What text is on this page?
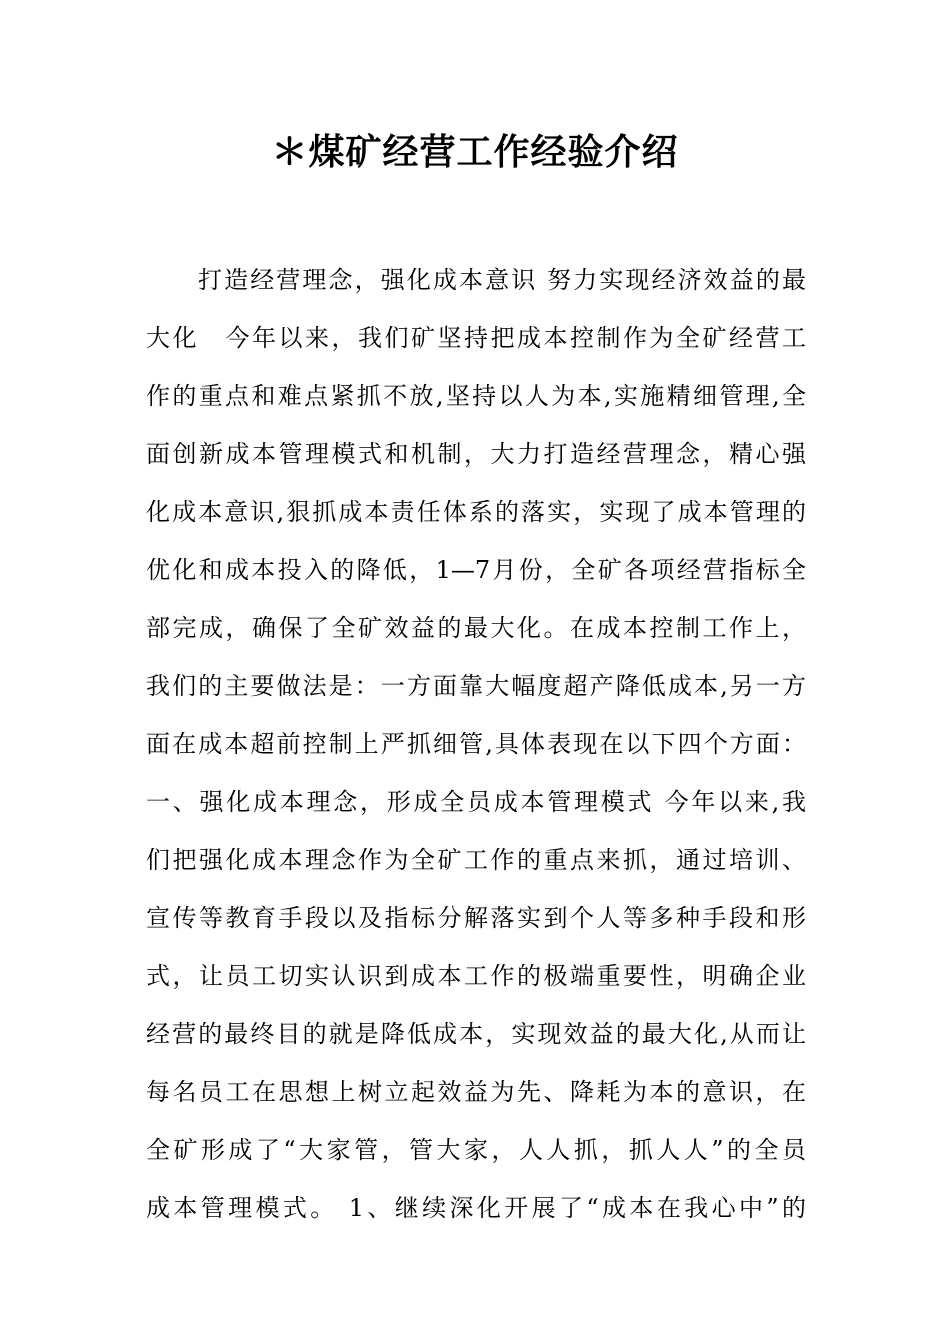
＊煤矿经营工作经验介绍
打造经营理念，强化成本意识 努力实现经济效益的最
大化　今年以来，我们矿坚持把成本控制作为全矿经营工
作的重点和难点紧抓不放,坚持以人为本,实施精细管理,全
面创新成本管理模式和机制，大力打造经营理念，精心强
化成本意识,狠抓成本责任体系的落实，实现了成本管理的
优化和成本投入的降低，1—7月份，全矿各项经营指标全
部完成，确保了全矿效益的最大化。在成本控制工作上，
我们的主要做法是：一方面靠大幅度超产降低成本,另一方
面在成本超前控制上严抓细管,具体表现在以下四个方面：
一、强化成本理念，形成全员成本管理模式 今年以来,我
们把强化成本理念作为全矿工作的重点来抓，通过培训、
宣传等教育手段以及指标分解落实到个人等多种手段和形
式，让员工切实认识到成本工作的极端重要性，明确企业
经营的最终目的就是降低成本，实现效益的最大化,从而让
每名员工在思想上树立起效益为先、降耗为本的意识，在
全矿形成了“大家管，管大家，人人抓，抓人人”的全员
成本管理模式。 1、继续深化开展了“成本在我心中”的
